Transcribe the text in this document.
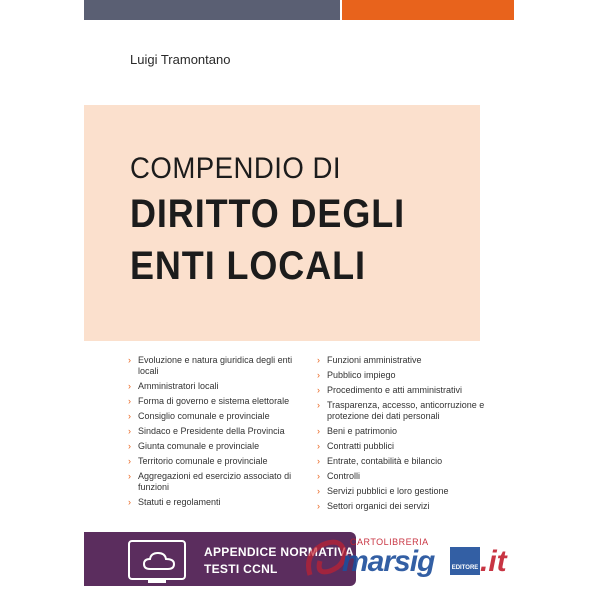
Luigi Tramontano
COMPENDIO DI
DIRITTO DEGLI
ENTI LOCALI
› Evoluzione e natura giuridica degli enti locali
› Amministratori locali
› Forma di governo e sistema elettorale
› Consiglio comunale e provinciale
› Sindaco e Presidente della Provincia
› Giunta comunale e provinciale
› Territorio comunale e provinciale
› Aggregazioni ed esercizio associato di funzioni
› Statuti e regolamenti
› Funzioni amministrative
› Pubblico impiego
› Procedimento e atti amministrativi
› Trasparenza, accesso, anticorruzione e protezione dei dati personali
› Beni e patrimonio
› Contratti pubblici
› Entrate, contabilità e bilancio
› Controlli
› Servizi pubblici e loro gestione
› Settori organici dei servizi
APPENDICE NORMATIVA
TESTI CCNL
CARTOLIBRERIA
marsig	EDITORE .it
